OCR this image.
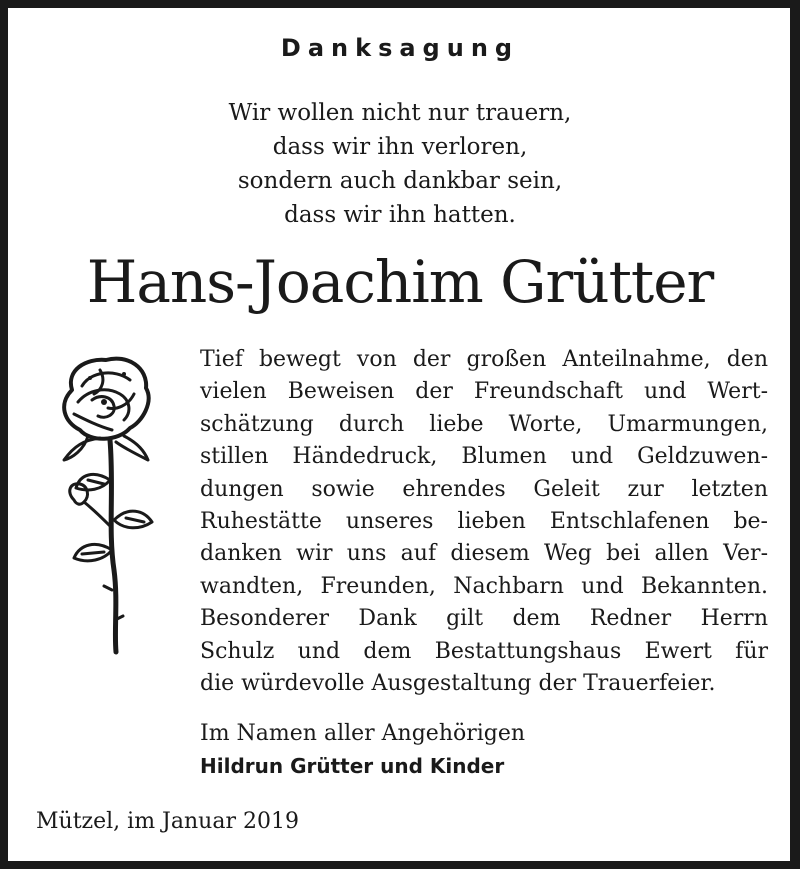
Danksagung
Wir wollen nicht nur trauern,
dass wir ihn verloren,
sondern auch dankbar sein,
dass wir ihn hatten.
Hans-Joachim Grütter
Tief bewegt von der großen Anteilnahme, den
vielen Beweisen der Freundschaft und Wert-
schätzung durch liebe Worte, Umarmungen,
stillen Händedruck, Blumen und Geldzuwen-
dungen sowie ehrendes Geleit zur letzten
Ruhestätte unseres lieben Entschlafenen be-
danken wir uns auf diesem Weg bei allen Ver-
wandten, Freunden, Nachbarn und Bekannten.
Besonderer Dank gilt dem Redner Herrn
Schulz und dem Bestattungshaus Ewert für
die würdevolle Ausgestaltung der Trauerfeier.
Im Namen aller Angehörigen
Hildrun Grütter und Kinder
Mützel, im Januar 2019
